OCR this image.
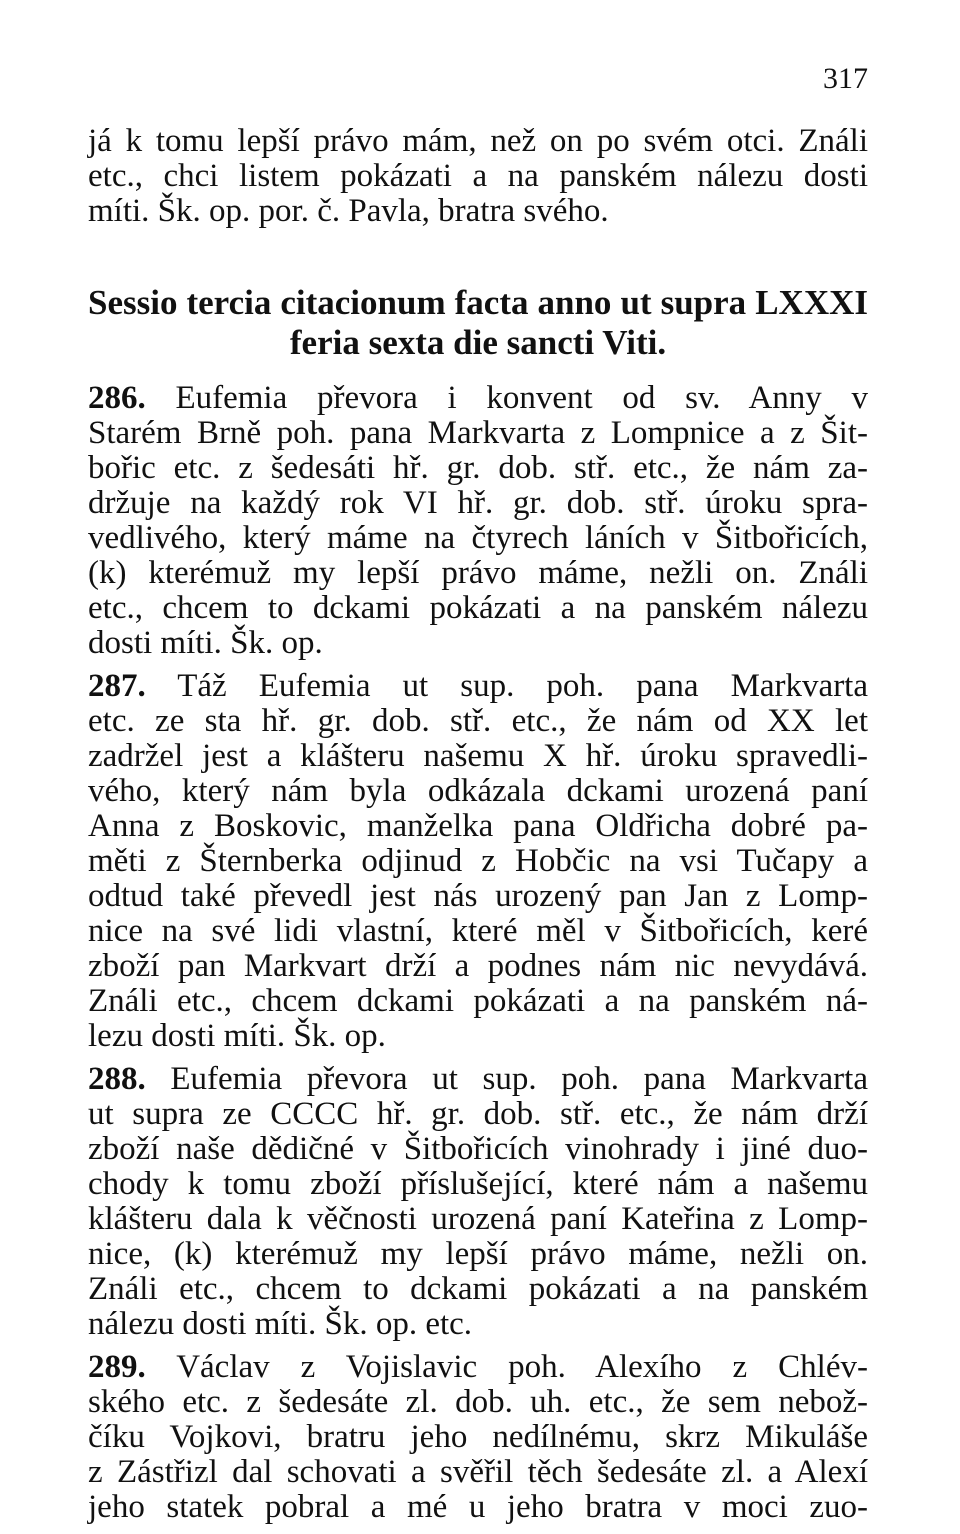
317
já k tomu lepší právo mám, než on po svém otci. Ználi
etc., chci listem pokázati a na panském nálezu dosti
míti. Šk. op. por. č. Pavla, bratra svého.
Sessio tercia citacionum facta anno ut supra LXXXI
feria sexta die sancti Viti.
286. Eufemia převora i konvent od sv. Anny v
Starém Brně poh. pana Markvarta z Lompnice a z Šit-
bořic etc. z šedesáti hř. gr. dob. stř. etc., že nám za-
držuje na každý rok VI hř. gr. dob. stř. úroku spra-
vedlivého, který máme na čtyrech láních v Šitbořicích,
(k) kterémuž my lepší právo máme, nežli on. Ználi
etc., chcem to dckami pokázati a na panském nálezu
dosti míti. Šk. op.
287. Táž Eufemia ut sup. poh. pana Markvarta
etc. ze sta hř. gr. dob. stř. etc., že nám od XX let
zadržel jest a klášteru našemu X hř. úroku spravedli-
vého, který nám byla odkázala dckami urozená paní
Anna z Boskovic, manželka pana Oldřicha dobré pa-
měti z Šternberka odjinud z Hobčic na vsi Tučapy a
odtud také převedl jest nás urozený pan Jan z Lomp-
nice na své lidi vlastní, které měl v Šitbořicích, keré
zboží pan Markvart drží a podnes nám nic nevydává.
Ználi etc., chcem dckami pokázati a na panském ná-
lezu dosti míti. Šk. op.
288. Eufemia převora ut sup. poh. pana Markvarta
ut supra ze CCCC hř. gr. dob. stř. etc., že nám drží
zboží naše dědičné v Šitbořicích vinohrady i jiné duo-
chody k tomu zboží příslušející, které nám a našemu
klášteru dala k věčnosti urozená paní Kateřina z Lomp-
nice, (k) kterémuž my lepší právo máme, nežli on.
Ználi etc., chcem to dckami pokázati a na panském
nálezu dosti míti. Šk. op. etc.
289. Václav z Vojislavic poh. Alexího z Chlév-
ského etc. z šedesáte zl. dob. uh. etc., že sem nebož-
číku Vojkovi, bratru jeho nedílnému, skrz Mikuláše
z Zástřizl dal schovati a svěřil těch šedesáte zl. a Alexí
jeho statek pobral a mé u jeho bratra v moci zuo-
